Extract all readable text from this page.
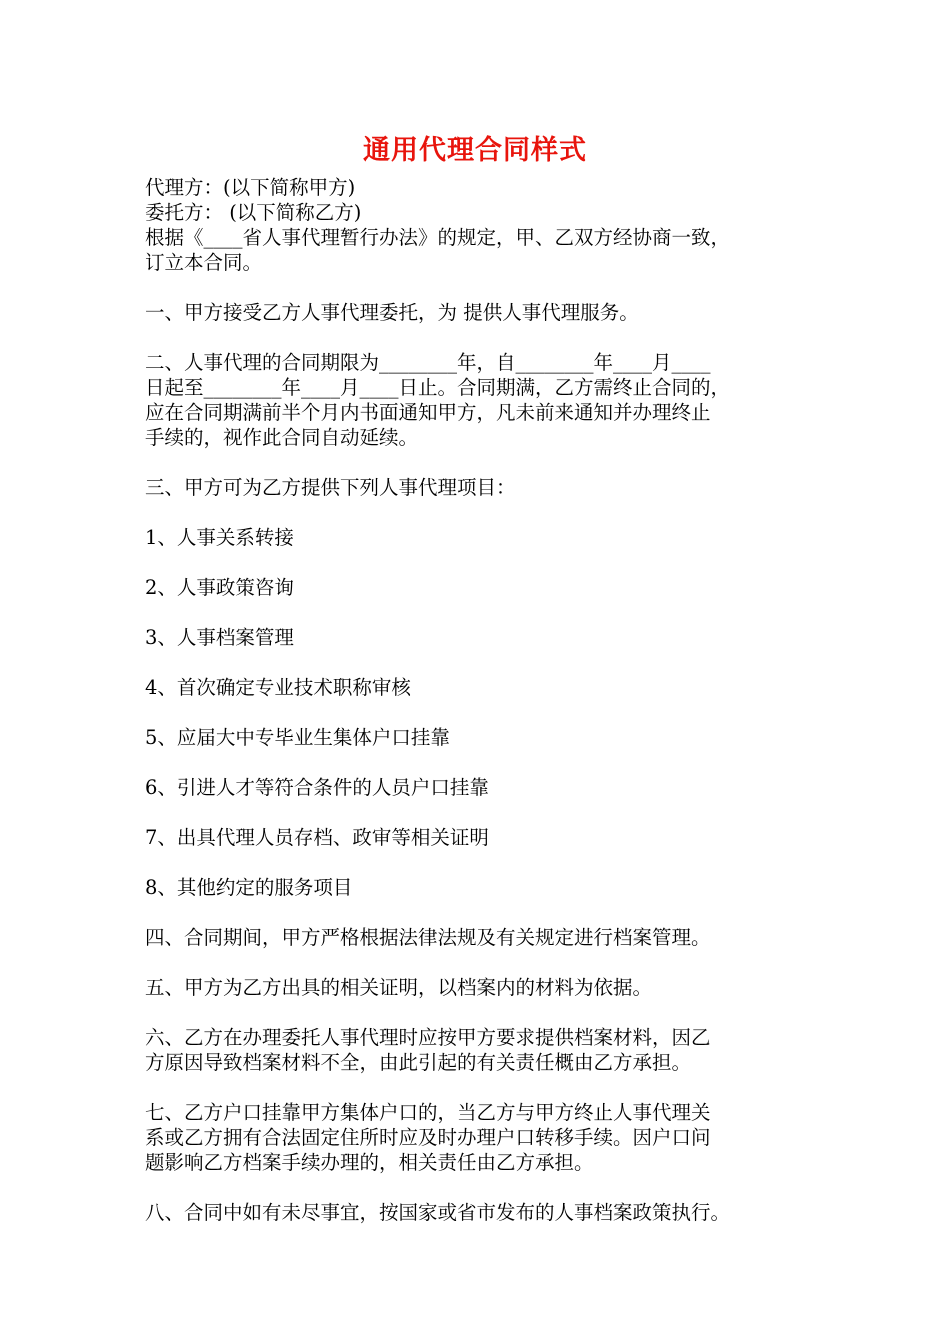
通用代理合同样式
代理方：(以下简称甲方)
委托方： (以下简称乙方)
根据《____省人事代理暂行办法》的规定，甲、乙双方经协商一致，
订立本合同。
一、甲方接受乙方人事代理委托，为 提供人事代理服务。
二、人事代理的合同期限为________年，自________年____月____
日起至________年____月____日止。合同期满，乙方需终止合同的，
应在合同期满前半个月内书面通知甲方，凡未前来通知并办理终止
手续的，视作此合同自动延续。
三、甲方可为乙方提供下列人事代理项目：
1、人事关系转接
2、人事政策咨询
3、人事档案管理
4、首次确定专业技术职称审核
5、应届大中专毕业生集体户口挂靠
6、引进人才等符合条件的人员户口挂靠
7、出具代理人员存档、政审等相关证明
8、其他约定的服务项目
四、合同期间，甲方严格根据法律法规及有关规定进行档案管理。
五、甲方为乙方出具的相关证明，以档案内的材料为依据。
六、乙方在办理委托人事代理时应按甲方要求提供档案材料，因乙
方原因导致档案材料不全，由此引起的有关责任概由乙方承担。
七、乙方户口挂靠甲方集体户口的，当乙方与甲方终止人事代理关
系或乙方拥有合法固定住所时应及时办理户口转移手续。因户口问
题影响乙方档案手续办理的，相关责任由乙方承担。
八、合同中如有未尽事宜，按国家或省市发布的人事档案政策执行。
